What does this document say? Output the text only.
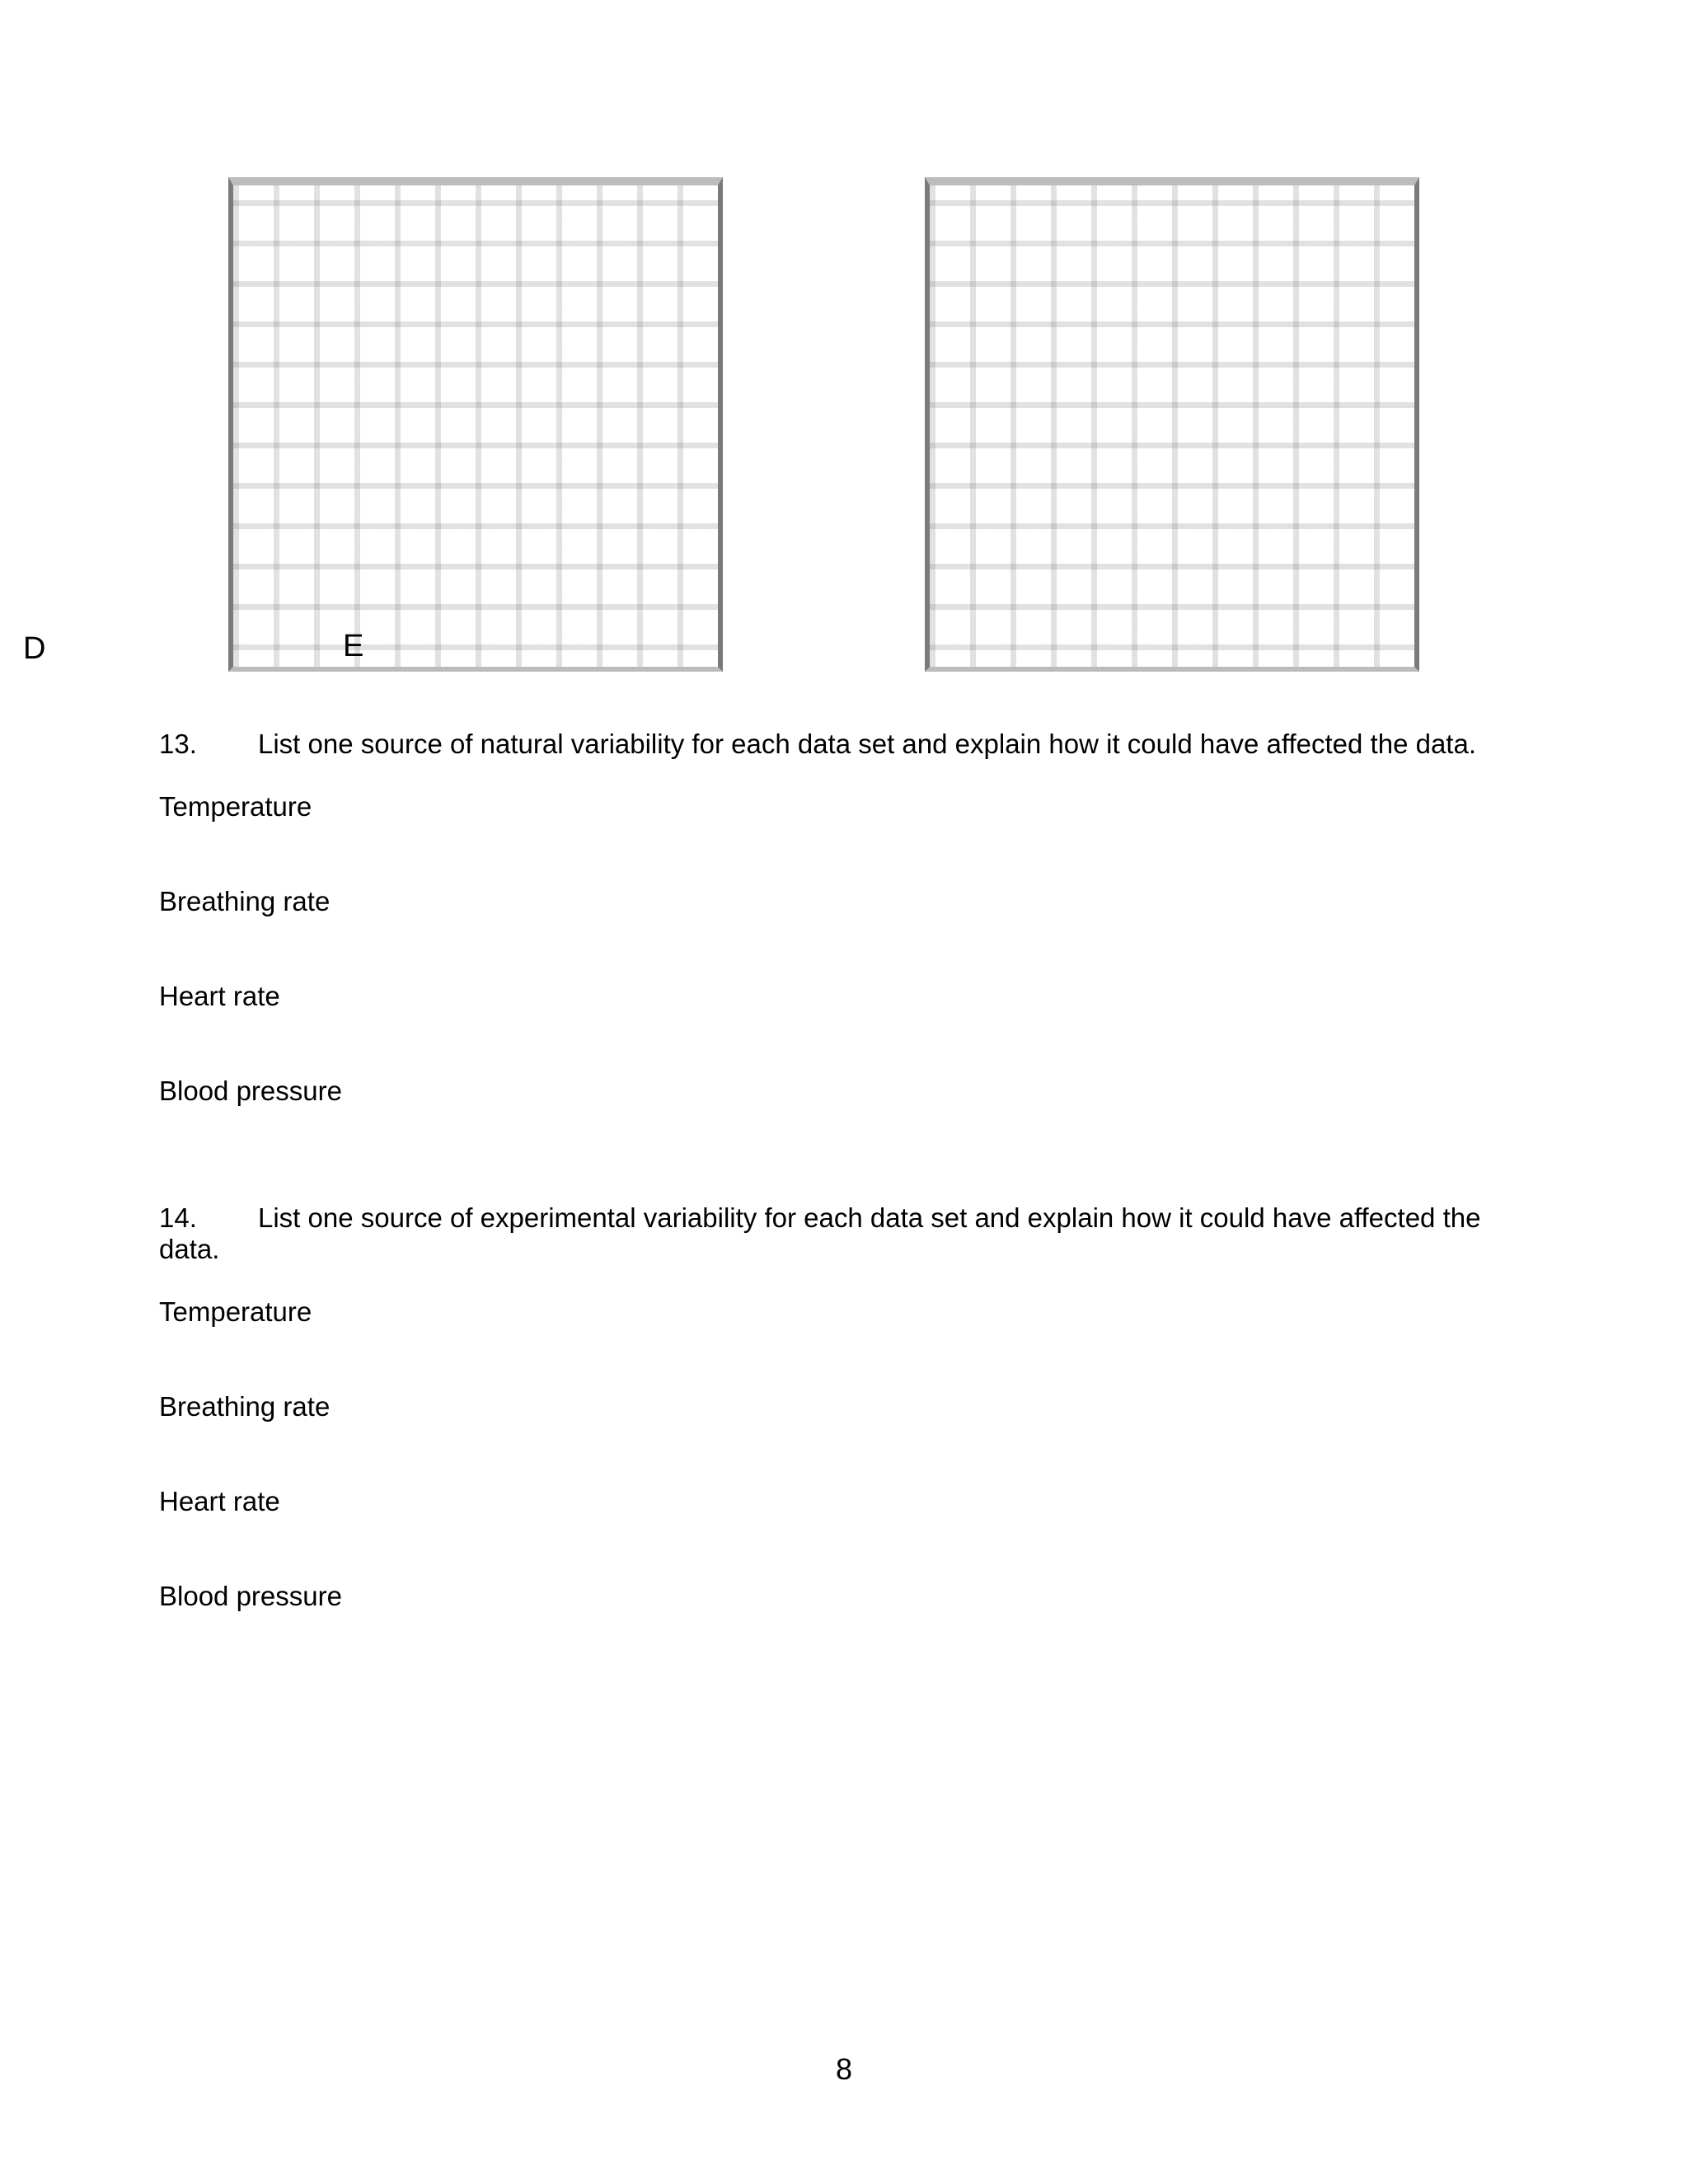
D	E
13. List one source of natural variability for each data set and explain how it could have affected the data.
Temperature
Breathing rate
Heart rate
Blood pressure
14. List one source of experimental variability for each data set and explain how it could have affected the data.
Temperature
Breathing rate
Heart rate
Blood pressure
8
